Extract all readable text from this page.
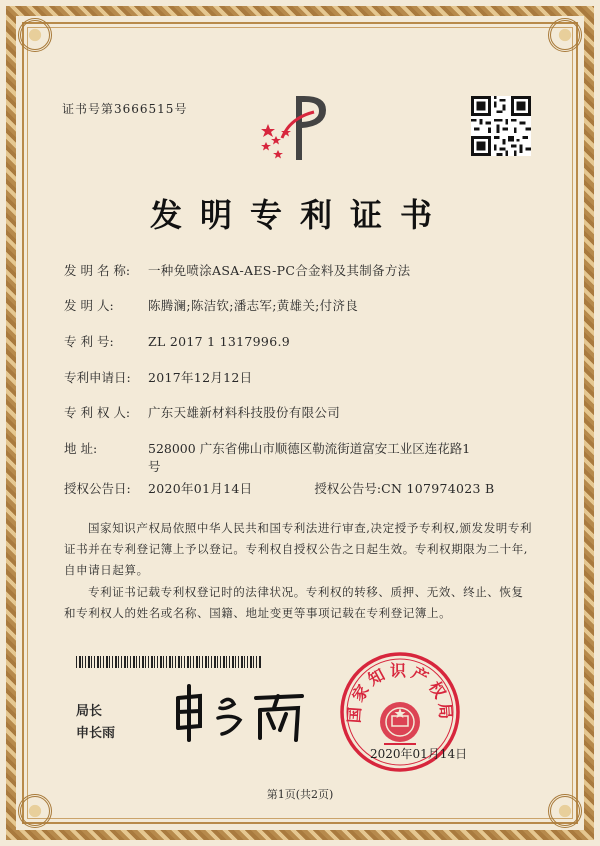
证书号第3666515号
发明专利证书
发 明 名 称: 一种免喷涂ASA-AES-PC合金料及其制备方法
发 明 人:	陈腾澜;陈洁钦;潘志军;黄雄关;付济良
专 利 号:	ZL 2017 1 1317996.9
专利申请日: 2017年12月12日
专 利 权 人: 广东天雄新材料科技股份有限公司
地 址:	528000 广东省佛山市顺德区勒流街道富安工业区连花路1号
授权公告日: 2020年01月14日	授权公告号:CN 107974023 B
国家知识产权局依照中华人民共和国专利法进行审查,决定授予专利权,颁发发明专利证书并在专利登记簿上予以登记。专利权自授权公告之日起生效。专利权期限为二十年,自申请日起算。
专利证书记载专利权登记时的法律状况。专利权的转移、质押、无效、终止、恢复和专利权人的姓名或名称、国籍、地址变更等事项记载在专利登记簿上。
局长
申长雨
国家知识产权局
2020年01月14日
第1页(共2页)
